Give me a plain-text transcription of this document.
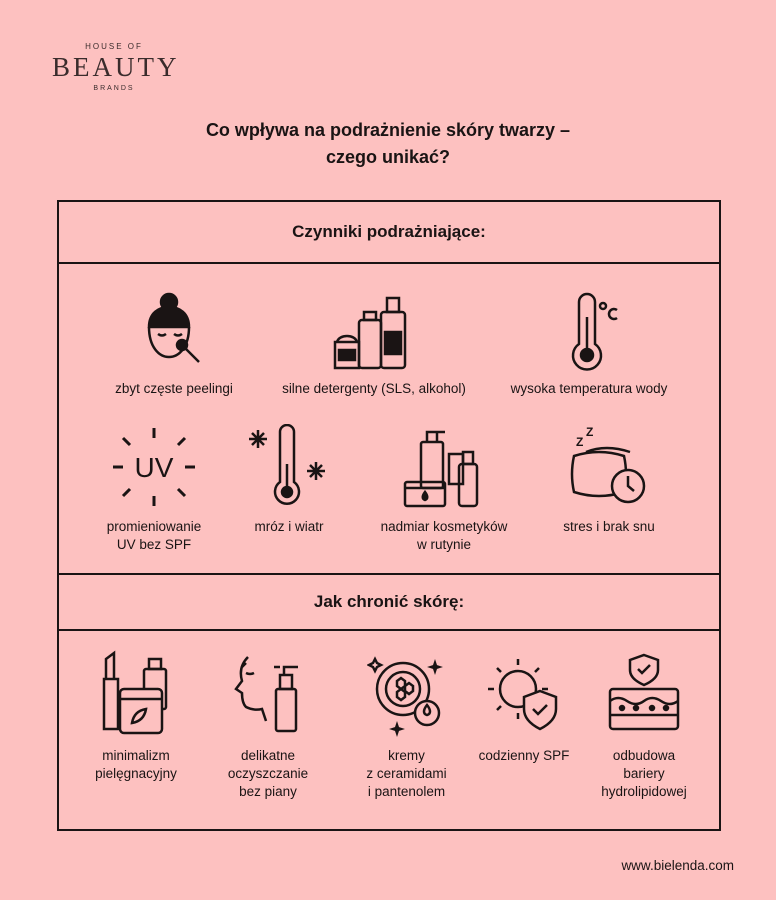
HOUSE OF
BEAUTY
BRANDS
Co wpływa na podrażnienie skóry twarzy –
czego unikać?
Czynniki podrażniające:
zbyt częste peelingi	silne detergenty (SLS, alkohol)	wysoka temperatura wody
UV
promieniowanie
UV bez SPF
mróz i wiatr	nadmiar kosmetyków
w rutynie
Z
Z
stres i brak snu
Jak chronić skórę:
minimalizm
pielęgnacyjny
delikatne
oczyszczanie
bez piany
kremy
z ceramidami
i pantenolem
codzienny SPF	odbudowa
bariery
hydrolipidowej
www.bielenda.com
